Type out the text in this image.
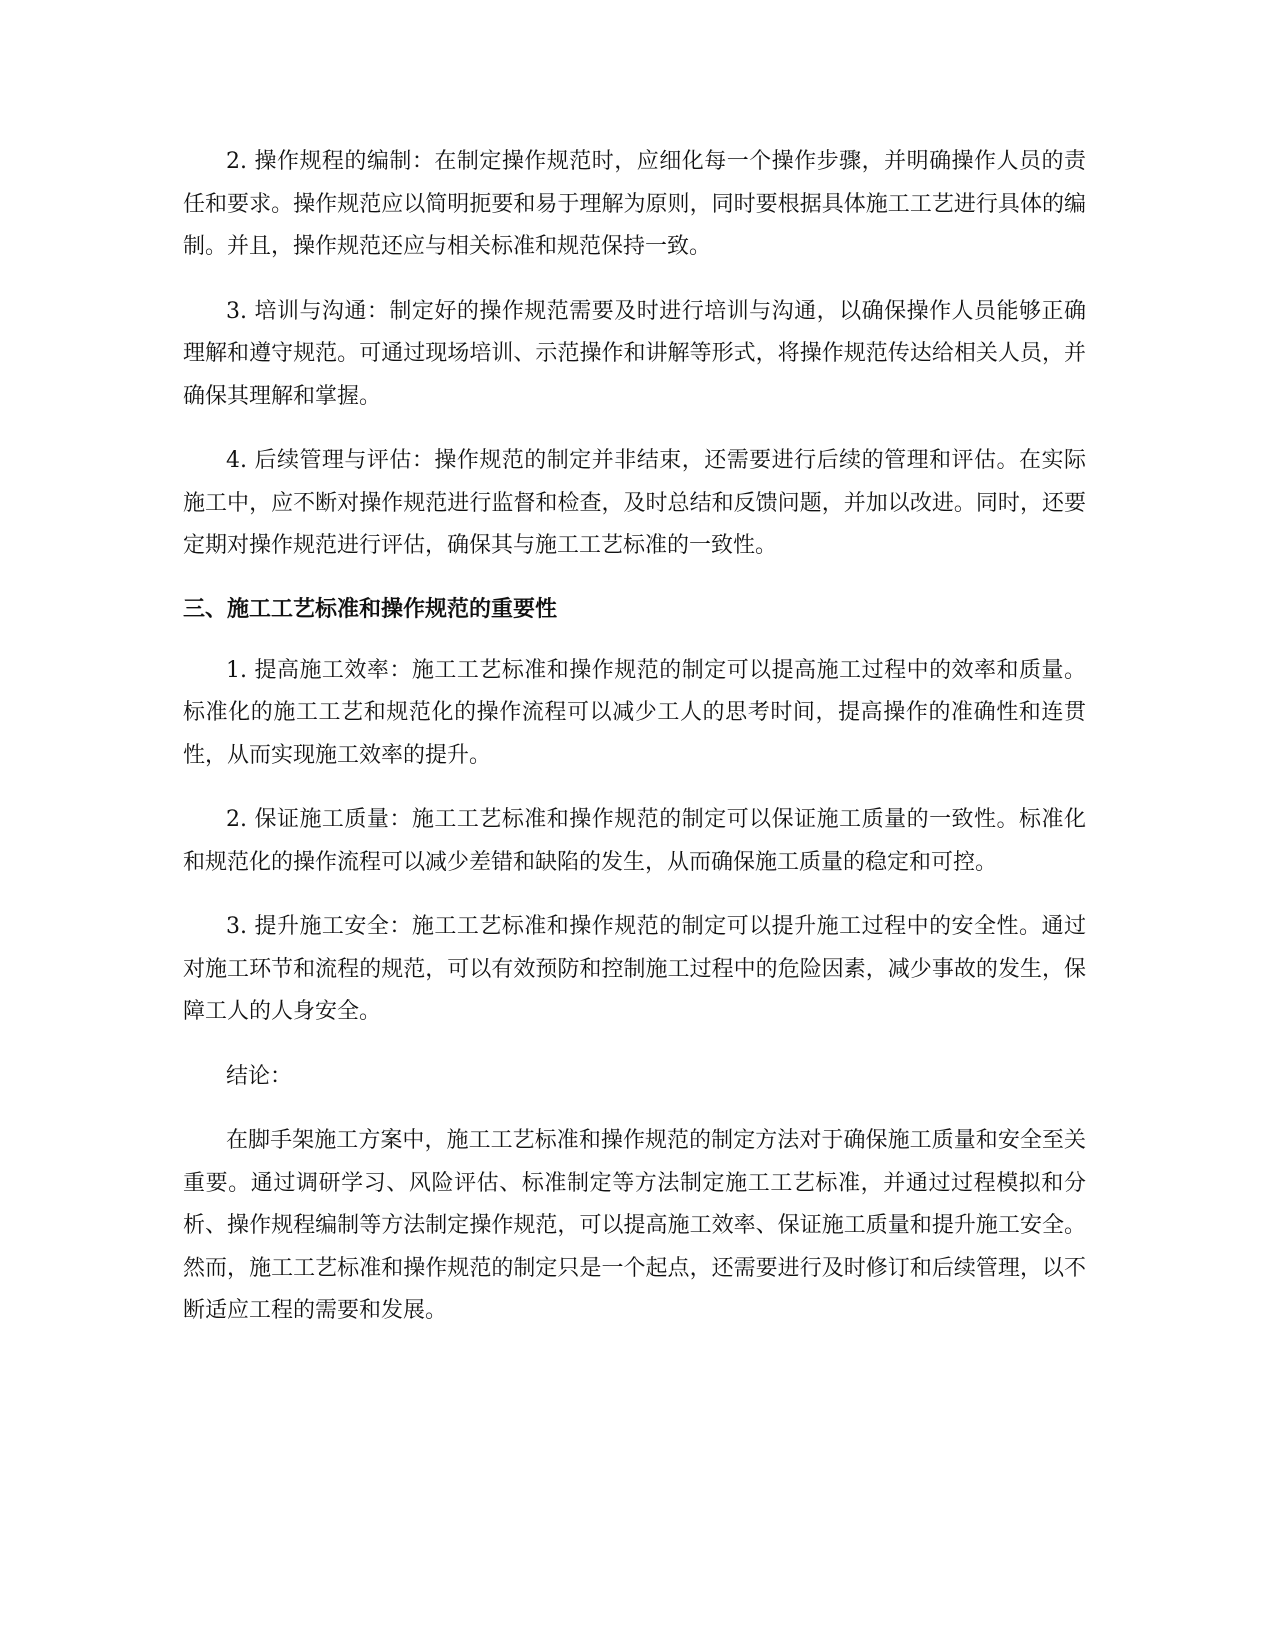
2. 操作规程的编制：在制定操作规范时，应细化每一个操作步骤，并明确操作人员的责任和要求。操作规范应以简明扼要和易于理解为原则，同时要根据具体施工工艺进行具体的编制。并且，操作规范还应与相关标准和规范保持一致。

3. 培训与沟通：制定好的操作规范需要及时进行培训与沟通，以确保操作人员能够正确理解和遵守规范。可通过现场培训、示范操作和讲解等形式，将操作规范传达给相关人员，并确保其理解和掌握。

4. 后续管理与评估：操作规范的制定并非结束，还需要进行后续的管理和评估。在实际施工中，应不断对操作规范进行监督和检查，及时总结和反馈问题，并加以改进。同时，还要定期对操作规范进行评估，确保其与施工工艺标准的一致性。

三、施工工艺标准和操作规范的重要性

1. 提高施工效率：施工工艺标准和操作规范的制定可以提高施工过程中的效率和质量。标准化的施工工艺和规范化的操作流程可以减少工人的思考时间，提高操作的准确性和连贯性，从而实现施工效率的提升。

2. 保证施工质量：施工工艺标准和操作规范的制定可以保证施工质量的一致性。标准化和规范化的操作流程可以减少差错和缺陷的发生，从而确保施工质量的稳定和可控。

3. 提升施工安全：施工工艺标准和操作规范的制定可以提升施工过程中的安全性。通过对施工环节和流程的规范，可以有效预防和控制施工过程中的危险因素，减少事故的发生，保障工人的人身安全。

结论：

在脚手架施工方案中，施工工艺标准和操作规范的制定方法对于确保施工质量和安全至关重要。通过调研学习、风险评估、标准制定等方法制定施工工艺标准，并通过过程模拟和分析、操作规程编制等方法制定操作规范，可以提高施工效率、保证施工质量和提升施工安全。然而，施工工艺标准和操作规范的制定只是一个起点，还需要进行及时修订和后续管理，以不断适应工程的需要和发展。
